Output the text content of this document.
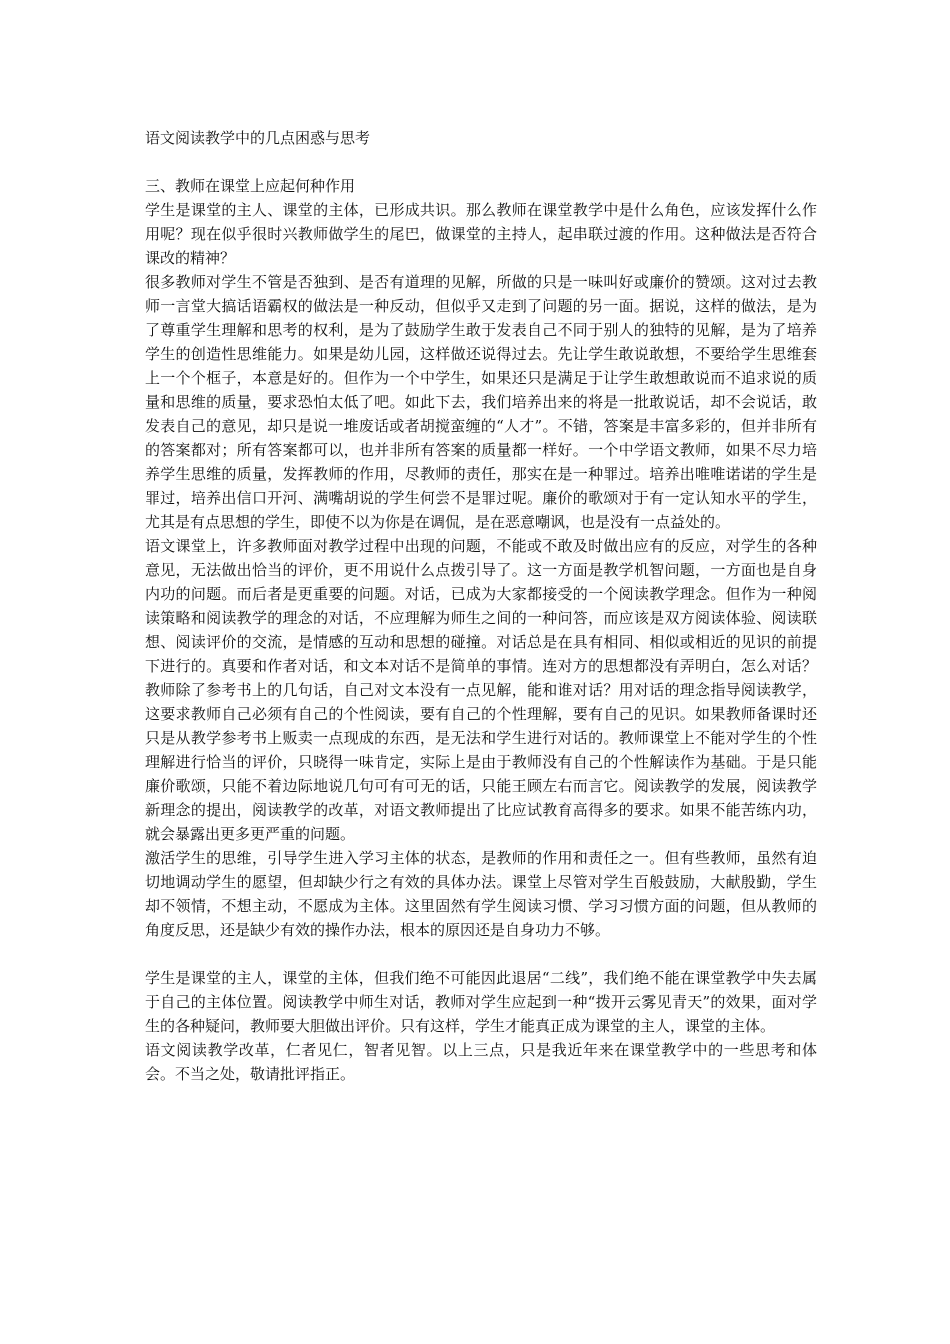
语文阅读教学中的几点困惑与思考

三、教师在课堂上应起何种作用

学生是课堂的主人、课堂的主体，已形成共识。那么教师在课堂教学中是什么角色，应该发挥什么作用呢？现在似乎很时兴教师做学生的尾巴，做课堂的主持人，起串联过渡的作用。这种做法是否符合课改的精神？

很多教师对学生不管是否独到、是否有道理的见解，所做的只是一味叫好或廉价的赞颂。这对过去教师一言堂大搞话语霸权的做法是一种反动，但似乎又走到了问题的另一面。据说，这样的做法，是为了尊重学生理解和思考的权利，是为了鼓励学生敢于发表自己不同于别人的独特的见解，是为了培养学生的创造性思维能力。如果是幼儿园，这样做还说得过去。先让学生敢说敢想，不要给学生思维套上一个个框子，本意是好的。但作为一个中学生，如果还只是满足于让学生敢想敢说而不追求说的质量和思维的质量，要求恐怕太低了吧。如此下去，我们培养出来的将是一批敢说话，却不会说话，敢发表自己的意见，却只是说一堆废话或者胡搅蛮缠的“人才”。不错，答案是丰富多彩的，但并非所有的答案都对；所有答案都可以，也并非所有答案的质量都一样好。一个中学语文教师，如果不尽力培养学生思维的质量，发挥教师的作用，尽教师的责任，那实在是一种罪过。培养出唯唯诺诺的学生是罪过，培养出信口开河、满嘴胡说的学生何尝不是罪过呢。廉价的歌颂对于有一定认知水平的学生，尤其是有点思想的学生，即使不以为你是在调侃，是在恶意嘲讽，也是没有一点益处的。

语文课堂上，许多教师面对教学过程中出现的问题，不能或不敢及时做出应有的反应，对学生的各种意见，无法做出恰当的评价，更不用说什么点拨引导了。这一方面是教学机智问题，一方面也是自身内功的问题。而后者是更重要的问题。对话，已成为大家都接受的一个阅读教学理念。但作为一种阅读策略和阅读教学的理念的对话，不应理解为师生之间的一种问答，而应该是双方阅读体验、阅读联想、阅读评价的交流，是情感的互动和思想的碰撞。对话总是在具有相同、相似或相近的见识的前提下进行的。真要和作者对话，和文本对话不是简单的事情。连对方的思想都没有弄明白，怎么对话？教师除了参考书上的几句话，自己对文本没有一点见解，能和谁对话？用对话的理念指导阅读教学，这要求教师自己必须有自己的个性阅读，要有自己的个性理解，要有自己的见识。如果教师备课时还只是从教学参考书上贩卖一点现成的东西，是无法和学生进行对话的。教师课堂上不能对学生的个性理解进行恰当的评价，只晓得一味肯定，实际上是由于教师没有自己的个性解读作为基础。于是只能廉价歌颂，只能不着边际地说几句可有可无的话，只能王顾左右而言它。阅读教学的发展，阅读教学新理念的提出，阅读教学的改革，对语文教师提出了比应试教育高得多的要求。如果不能苦练内功，就会暴露出更多更严重的问题。

激活学生的思维，引导学生进入学习主体的状态，是教师的作用和责任之一。但有些教师，虽然有迫切地调动学生的愿望，但却缺少行之有效的具体办法。课堂上尽管对学生百般鼓励，大献殷勤，学生却不领情，不想主动，不愿成为主体。这里固然有学生阅读习惯、学习习惯方面的问题，但从教师的角度反思，还是缺少有效的操作办法，根本的原因还是自身功力不够。

学生是课堂的主人，课堂的主体，但我们绝不可能因此退居“二线”，我们绝不能在课堂教学中失去属于自己的主体位置。阅读教学中师生对话，教师对学生应起到一种“拨开云雾见青天”的效果，面对学生的各种疑问，教师要大胆做出评价。只有这样，学生才能真正成为课堂的主人，课堂的主体。

语文阅读教学改革，仁者见仁，智者见智。以上三点，只是我近年来在课堂教学中的一些思考和体会。不当之处，敬请批评指正。
